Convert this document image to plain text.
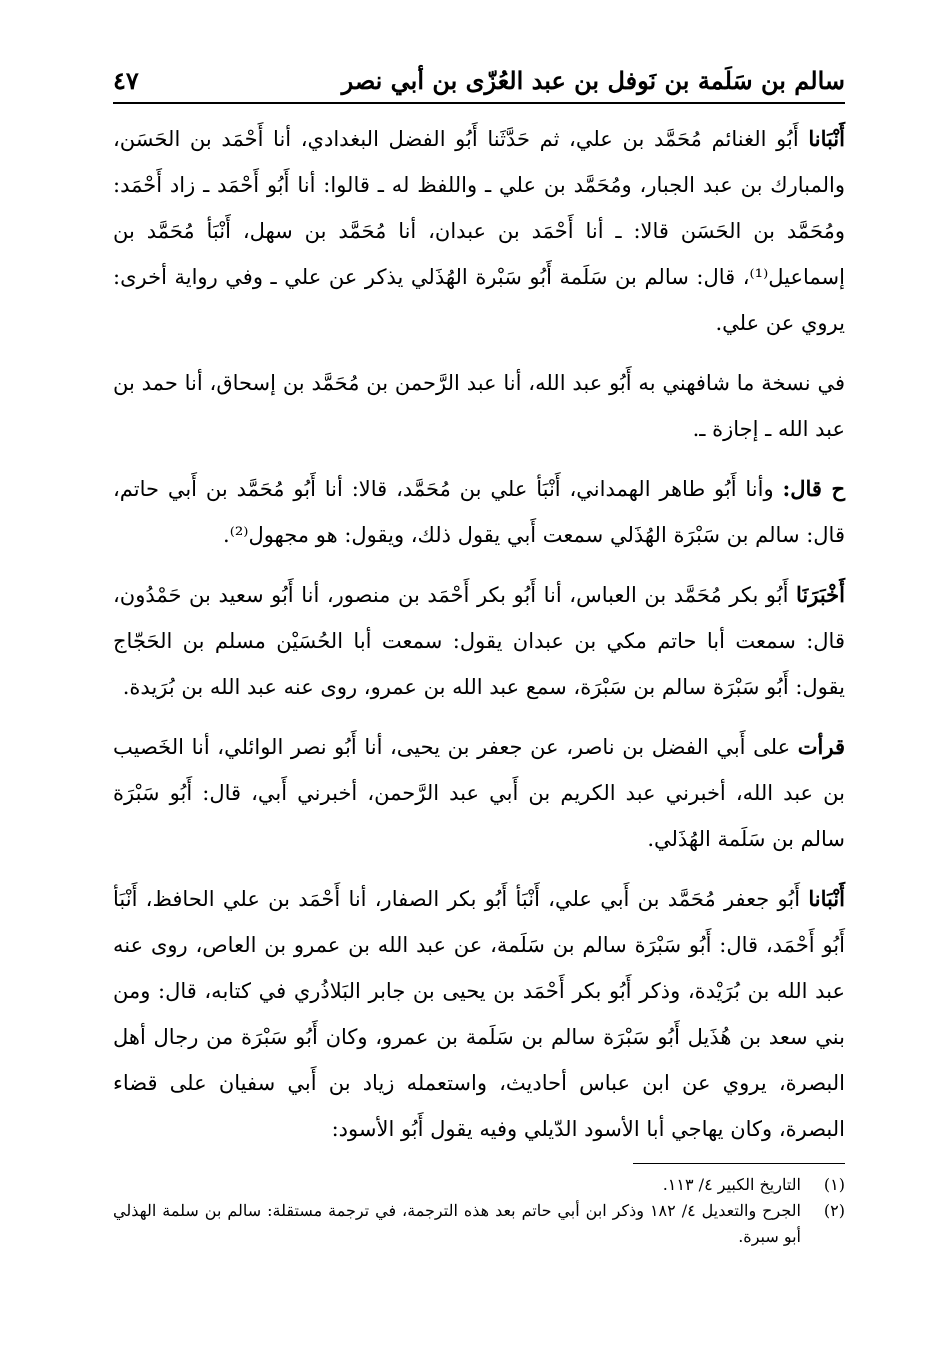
سالم بن سَلَمة بن نَوفل بن عبد العُزّى بن أبي نصر
٤٧

أَنْبَانا أَبُو الغنائم مُحَمَّد بن علي، ثم حَدَّثَنا أَبُو الفضل البغدادي، أنا أَحْمَد بن الحَسَن، والمبارك بن عبد الجبار، ومُحَمَّد بن علي ـ واللفظ له ـ قالوا: أنا أَبُو أَحْمَد ـ زاد أَحْمَد: ومُحَمَّد بن الحَسَن قالا: ـ أنا أَحْمَد بن عبدان، أنا مُحَمَّد بن سهل، أَنْبَأ مُحَمَّد بن إسماعيل⁽¹⁾، قال: سالم بن سَلَمة أَبُو سَبْرة الهُذَلي يذكر عن علي ـ وفي رواية أخرى: يروي عن علي.

في نسخة ما شافهني به أَبُو عبد الله، أنا عبد الرَّحمن بن مُحَمَّد بن إسحاق، أنا حمد بن عبد الله ـ إجازة ـ.

ح قال: وأنا أَبُو طاهر الهمداني، أَنْبَأ علي بن مُحَمَّد، قالا: أنا أَبُو مُحَمَّد بن أَبي حاتم، قال: سالم بن سَبْرَة الهُذَلي سمعت أَبي يقول ذلك، ويقول: هو مجهول⁽²⁾.

أَخْبَرَنَا أَبُو بكر مُحَمَّد بن العباس، أنا أَبُو بكر أَحْمَد بن منصور، أنا أَبُو سعيد بن حَمْدُون، قال: سمعت أبا حاتم مكي بن عبدان يقول: سمعت أبا الحُسَيْن مسلم بن الحَجّاج يقول: أَبُو سَبْرَة سالم بن سَبْرَة، سمع عبد الله بن عمرو، روى عنه عبد الله بن بُرَيدة.

قرأت على أَبي الفضل بن ناصر، عن جعفر بن يحيى، أنا أَبُو نصر الوائلي، أنا الخَصيب بن عبد الله، أخبرني عبد الكريم بن أَبي عبد الرَّحمن، أخبرني أَبي، قال: أَبُو سَبْرَة سالم بن سَلَمة الهُذَلي.

أَنْبَانا أَبُو جعفر مُحَمَّد بن أَبي علي، أَنْبَأ أَبُو بكر الصفار، أنا أَحْمَد بن علي الحافظ، أَنْبَأ أَبُو أَحْمَد، قال: أَبُو سَبْرَة سالم بن سَلَمة، عن عبد الله بن عمرو بن العاص، روى عنه عبد الله بن بُرَيْدة، وذكر أَبُو بكر أَحْمَد بن يحيى بن جابر البَلاذُري في كتابه، قال: ومن بني سعد بن هُذَيل أَبُو سَبْرَة سالم بن سَلَمة بن عمرو، وكان أَبُو سَبْرَة من رجال أهل البصرة، يروي عن ابن عباس أحاديث، واستعمله زياد بن أَبي سفيان على قضاء البصرة، وكان يهاجي أبا الأسود الدّيلي وفيه يقول أَبُو الأسود:

(١)
التاريخ الكبير ٤/ ١١٣.
(٢)
الجرح والتعديل ٤/ ١٨٢ وذكر ابن أبي حاتم بعد هذه الترجمة، في ترجمة مستقلة: سالم بن سلمة الهذلي أبو سبرة.
